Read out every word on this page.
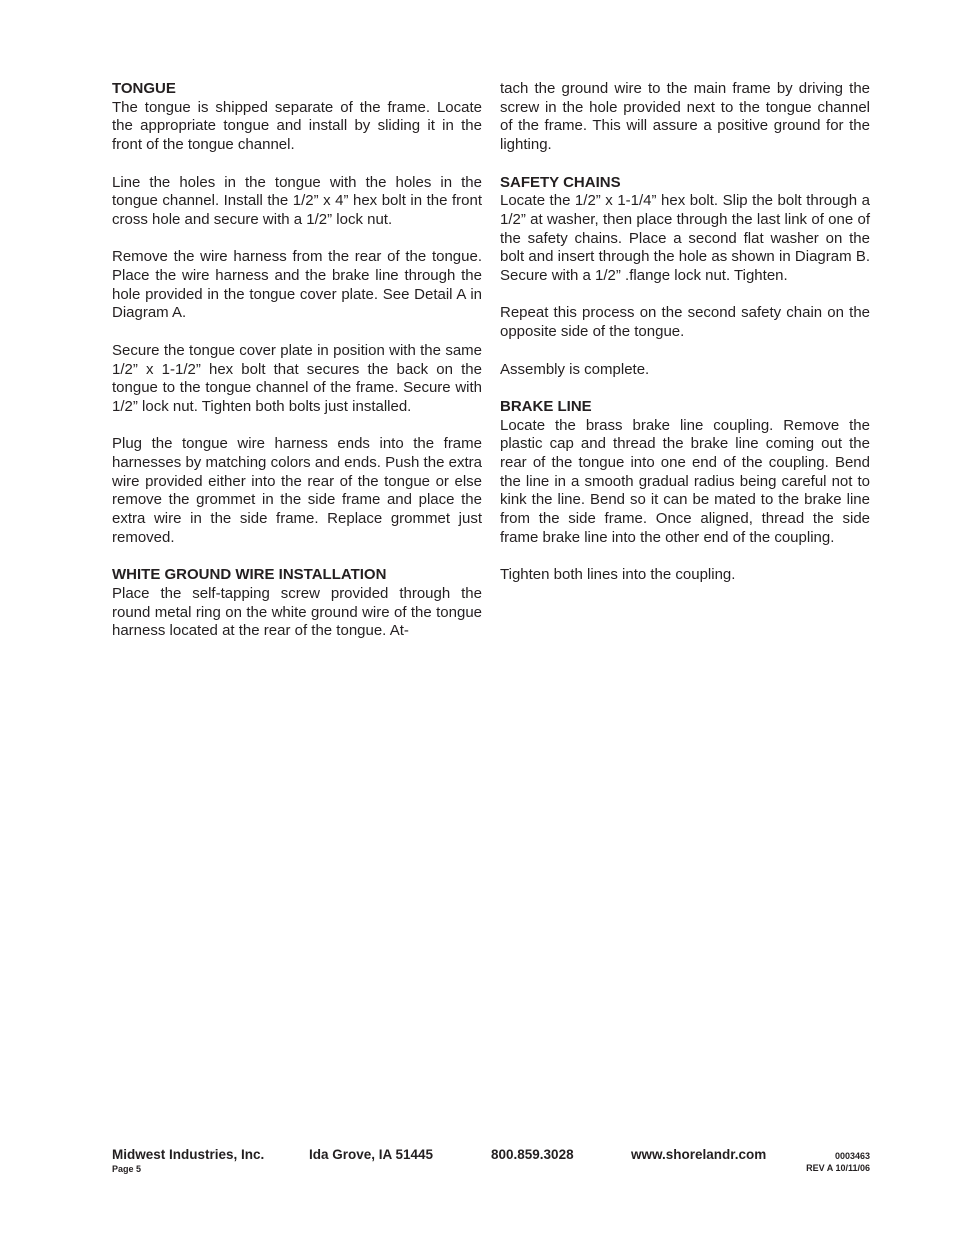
TONGUE

The tongue is shipped separate of the frame. Locate the appropriate tongue and install by sliding it in the front of the tongue channel.

Line the holes in the tongue with the holes in the tongue channel. Install the 1/2” x 4” hex bolt in the front cross hole and secure with a 1/2” lock nut.

Remove the wire harness from the rear of the tongue. Place the wire harness and the brake line through the hole provided in the tongue cover plate. See Detail A in Diagram A.

Secure the tongue cover plate in position with the same 1/2” x 1-1/2” hex bolt that secures the back on the tongue to the tongue channel of the frame. Secure with 1/2” lock nut. Tighten both bolts just installed.

Plug the tongue wire harness ends into the frame harnesses by matching colors and ends. Push the extra wire provided either into the rear of the tongue or else remove the grommet in the side frame and place the extra wire in the side frame. Replace grommet just removed.

WHITE GROUND WIRE INSTALLATION

Place the self-tapping screw provided through the round metal ring on the white ground wire of the tongue harness located at the rear of the tongue. At-

tach the ground wire to the main frame by driving the screw in the hole provided next to the tongue channel of the frame. This will assure a positive ground for the lighting.

SAFETY CHAINS

Locate the 1/2” x 1-1/4” hex bolt. Slip the bolt through a 1/2” at washer, then place through the last link of one of the safety chains. Place a second flat washer on the bolt and insert through the hole as shown in Diagram B. Secure with a 1/2” .flange lock nut. Tighten.

Repeat this process on the second safety chain on the opposite side of the tongue.

Assembly is complete.

BRAKE LINE

Locate the brass brake line coupling. Remove the plastic cap and thread the brake line coming out the rear of the tongue into one end of the coupling. Bend the line in a smooth gradual radius being careful not to kink the line. Bend so it can be mated to the brake line from the side frame. Once aligned, thread the side frame brake line into the other end of the coupling.

Tighten both lines into the coupling.

Midwest Industries, Inc.	Ida Grove, IA 51445	800.859.3028	www.shorelandr.com
Page 5
0003463
REV A 10/11/06
